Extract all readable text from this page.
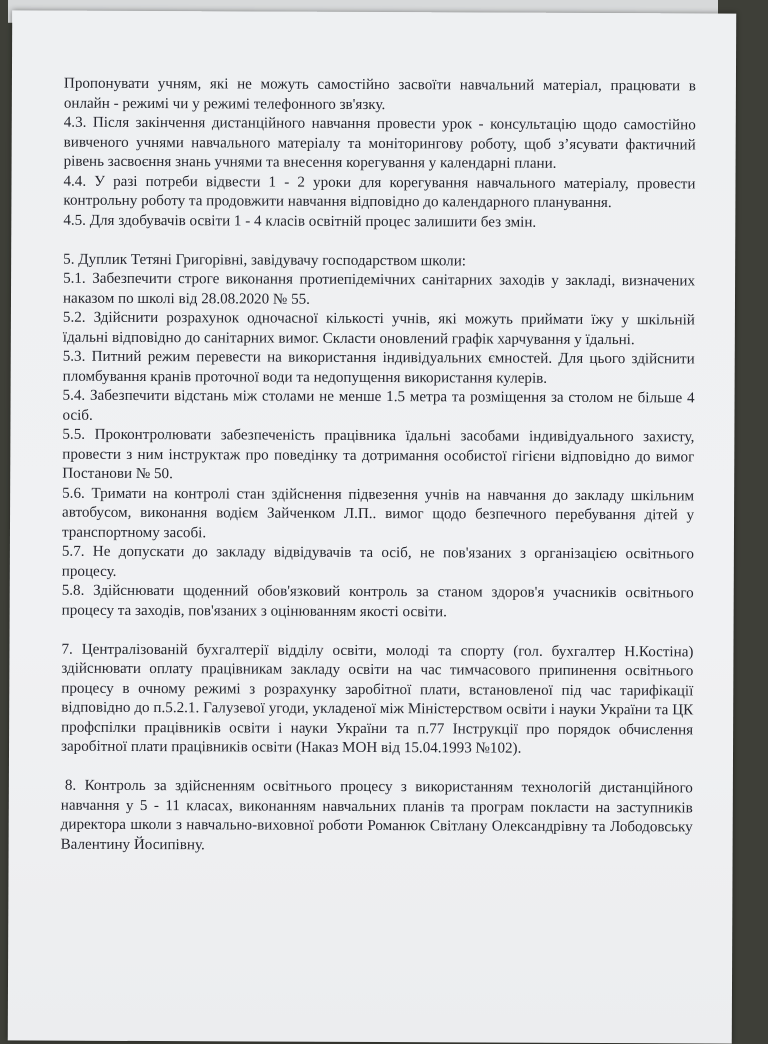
Пропонувати учням, які не можуть самостійно засвоїти навчальний матеріал, працювати в онлайн - режимі чи у режимі телефонного зв'язку.

4.3. Після закінчення дистанційного навчання провести урок - консультацію щодо самостійно вивченого учнями навчального матеріалу та моніторингову роботу, щоб з’ясувати фактичний рівень засвоєння знань учнями та внесення корегування у календарні плани.

4.4. У разі потреби відвести 1 - 2 уроки для корегування навчального матеріалу, провести контрольну роботу та продовжити навчання відповідно до календарного планування.

4.5. Для здобувачів освіти 1 - 4 класів освітній процес залишити без змін.

5. Дуплик Тетяні Григорівні, завідувачу господарством школи:

5.1. Забезпечити строге виконання протиепідемічних санітарних заходів у закладі, визначених наказом по школі від 28.08.2020 № 55.

5.2. Здійснити розрахунок одночасної кількості учнів, які можуть приймати їжу у шкільній їдальні відповідно до санітарних вимог. Скласти оновлений графік харчування у їдальні.

5.3. Питний режим перевести на використання індивідуальних ємностей. Для цього здійснити пломбування кранів проточної води та недопущення використання кулерів.

5.4. Забезпечити відстань між столами не менше 1.5 метра та розміщення за столом не більше 4 осіб.

5.5. Проконтролювати забезпеченість працівника їдальні засобами індивідуального захисту, провести з ним інструктаж про поведінку та дотримання особистої гігієни відповідно до вимог Постанови № 50.

5.6. Тримати на контролі стан здійснення підвезення учнів на навчання до закладу шкільним автобусом, виконання водієм Зайченком Л.П.. вимог щодо безпечного перебування дітей у транспортному засобі.

5.7. Не допускати до закладу відвідувачів та осіб, не пов'язаних з організацією освітнього процесу.

5.8. Здійснювати щоденний обов'язковий контроль за станом здоров'я учасників освітнього процесу та заходів, пов'язаних з оцінюванням якості освіти.

7. Централізованій бухгалтерії відділу освіти, молоді та спорту (гол. бухгалтер Н.Костіна) здійснювати оплату працівникам закладу освіти на час тимчасового припинення освітнього процесу в очному режимі з розрахунку заробітної плати, встановленої під час тарифікації відповідно до п.5.2.1. Галузевої угоди, укладеної між Міністерством освіти і науки України та ЦК профспілки працівників освіти і науки України та п.77 Інструкції про порядок обчислення заробітної плати працівників освіти (Наказ МОН від 15.04.1993 №102).

8. Контроль за здійсненням освітнього процесу з використанням технологій дистанційного навчання у 5 - 11 класах, виконанням навчальних планів та програм покласти на заступників директора школи з навчально-виховної роботи Романюк Світлану Олександрівну та Лободовську Валентину Йосипівну.
